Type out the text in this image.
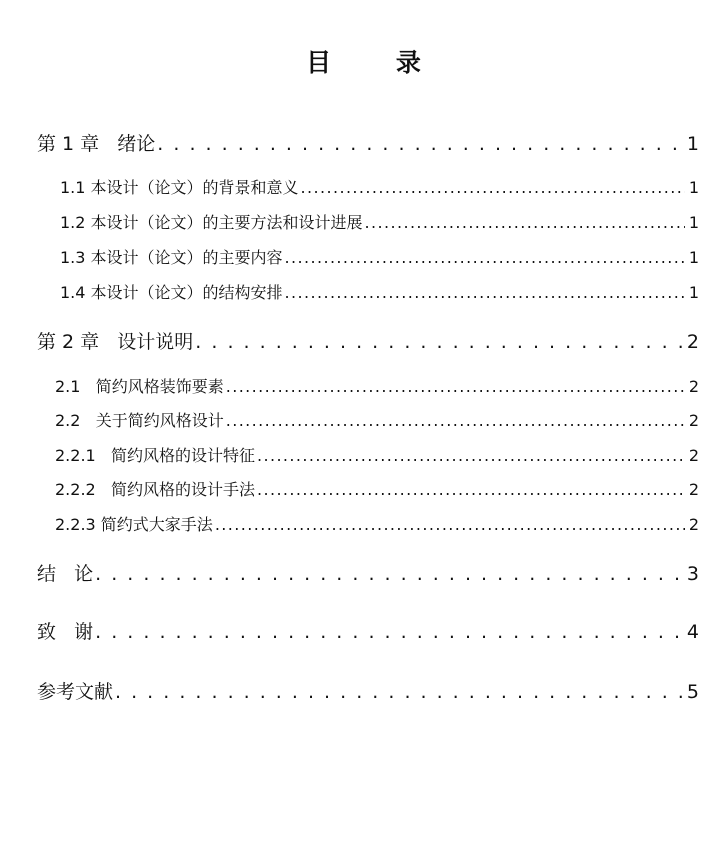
目 录
第 1 章   绪论 . . .	1
1.1 本设计（论文）的背景和意义 .....	1
1.2 本设计（论文）的主要方法和设计进展 .....	1
1.3 本设计（论文）的主要内容 .....	1
1.4 本设计（论文）的结构安排 .....	1
第 2 章   设计说明 . . .	2
2.1   简约风格装饰要素 .....	2
2.2   关于简约风格设计 .....	2
2.2.1   简约风格的设计特征 .....	2
2.2.2   简约风格的设计手法 .....	2
2.2.3 简约式大家手法 .....	2
结   论 . . .	3
致   谢 . . .	4
参考文献 . . .	5
